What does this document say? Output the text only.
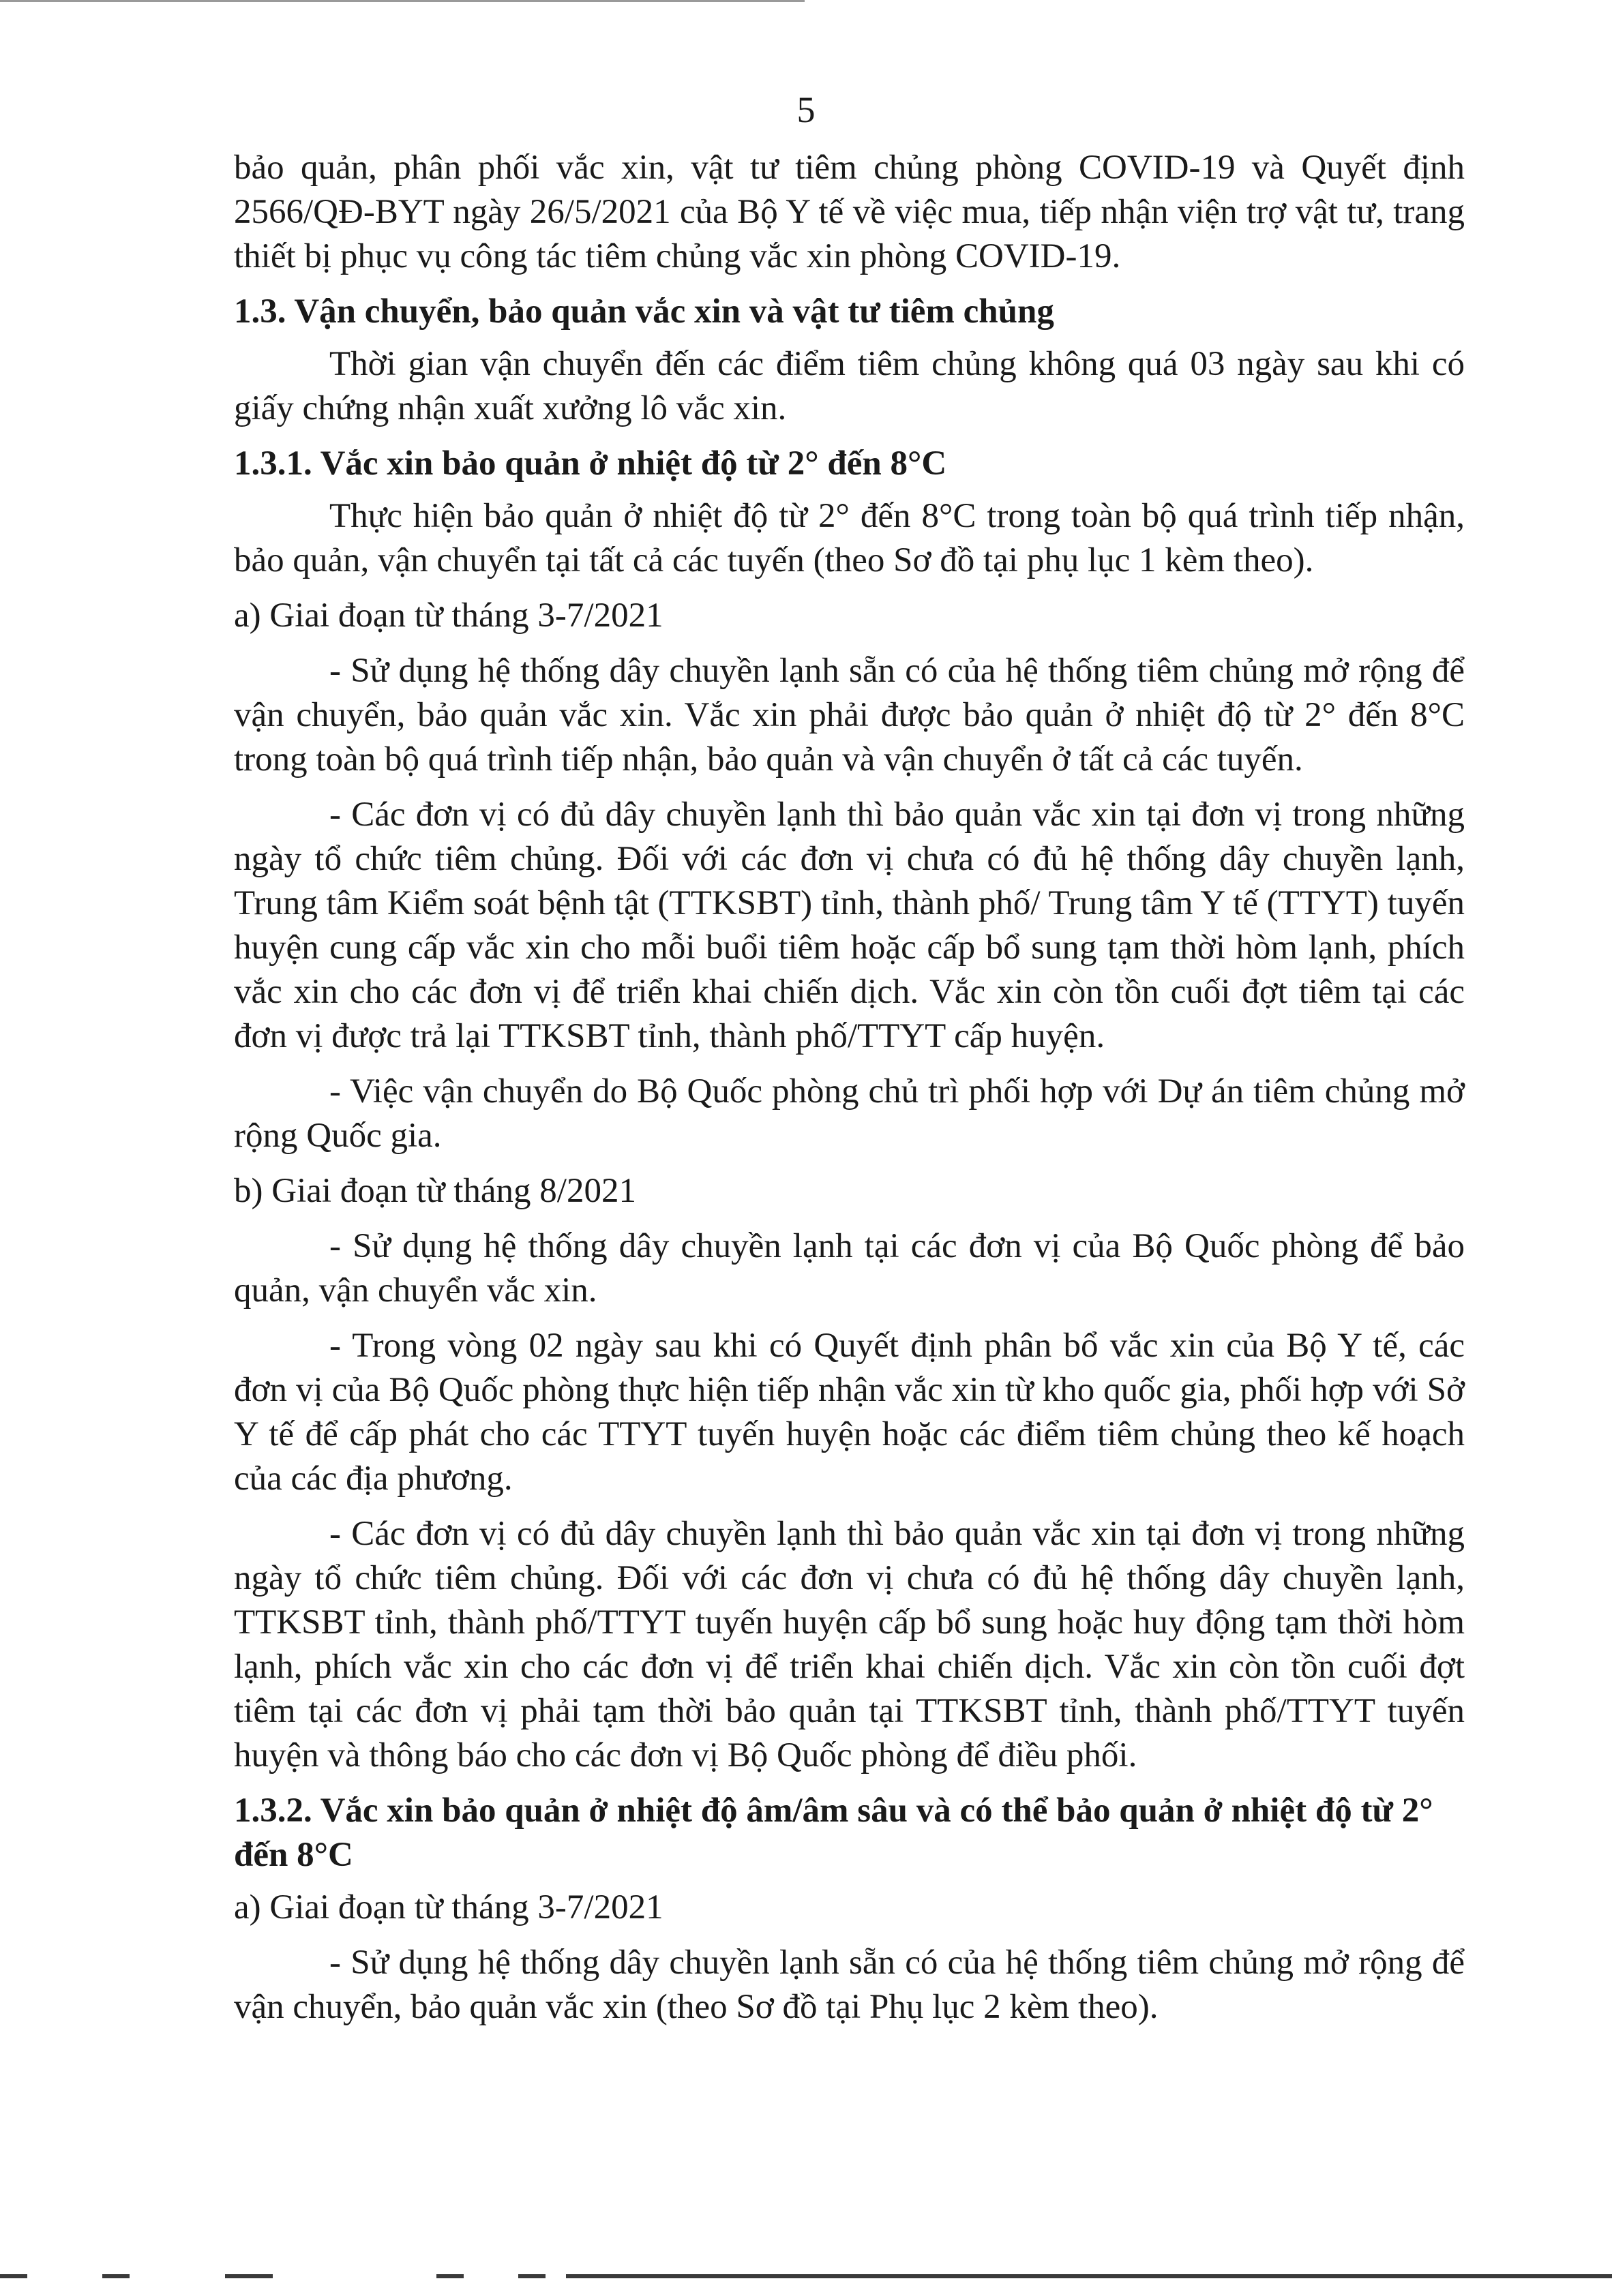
5

bảo quản, phân phối vắc xin, vật tư tiêm chủng phòng COVID-19 và Quyết định 2566/QĐ-BYT ngày 26/5/2021 của Bộ Y tế về việc mua, tiếp nhận viện trợ vật tư, trang thiết bị phục vụ công tác tiêm chủng vắc xin phòng COVID-19.

1.3. Vận chuyển, bảo quản vắc xin và vật tư tiêm chủng

Thời gian vận chuyển đến các điểm tiêm chủng không quá 03 ngày sau khi có giấy chứng nhận xuất xưởng lô vắc xin.

1.3.1. Vắc xin bảo quản ở nhiệt độ từ 2° đến 8°C

Thực hiện bảo quản ở nhiệt độ từ 2° đến 8°C trong toàn bộ quá trình tiếp nhận, bảo quản, vận chuyển tại tất cả các tuyến (theo Sơ đồ tại phụ lục 1 kèm theo).

a) Giai đoạn từ tháng 3-7/2021

- Sử dụng hệ thống dây chuyền lạnh sẵn có của hệ thống tiêm chủng mở rộng để vận chuyển, bảo quản vắc xin. Vắc xin phải được bảo quản ở nhiệt độ từ 2° đến 8°C trong toàn bộ quá trình tiếp nhận, bảo quản và vận chuyển ở tất cả các tuyến.

- Các đơn vị có đủ dây chuyền lạnh thì bảo quản vắc xin tại đơn vị trong những ngày tổ chức tiêm chủng. Đối với các đơn vị chưa có đủ hệ thống dây chuyền lạnh, Trung tâm Kiểm soát bệnh tật (TTKSBT) tỉnh, thành phố/ Trung tâm Y tế (TTYT) tuyến huyện cung cấp vắc xin cho mỗi buổi tiêm hoặc cấp bổ sung tạm thời hòm lạnh, phích vắc xin cho các đơn vị để triển khai chiến dịch. Vắc xin còn tồn cuối đợt tiêm tại các đơn vị được trả lại TTKSBT tỉnh, thành phố/TTYT cấp huyện.

- Việc vận chuyển do Bộ Quốc phòng chủ trì phối hợp với Dự án tiêm chủng mở rộng Quốc gia.

b) Giai đoạn từ tháng 8/2021

- Sử dụng hệ thống dây chuyền lạnh tại các đơn vị của Bộ Quốc phòng để bảo quản, vận chuyển vắc xin.

- Trong vòng 02 ngày sau khi có Quyết định phân bổ vắc xin của Bộ Y tế, các đơn vị của Bộ Quốc phòng thực hiện tiếp nhận vắc xin từ kho quốc gia, phối hợp với Sở Y tế để cấp phát cho các TTYT tuyến huyện hoặc các điểm tiêm chủng theo kế hoạch của các địa phương.

- Các đơn vị có đủ dây chuyền lạnh thì bảo quản vắc xin tại đơn vị trong những ngày tổ chức tiêm chủng. Đối với các đơn vị chưa có đủ hệ thống dây chuyền lạnh, TTKSBT tỉnh, thành phố/TTYT tuyến huyện cấp bổ sung hoặc huy động tạm thời hòm lạnh, phích vắc xin cho các đơn vị để triển khai chiến dịch. Vắc xin còn tồn cuối đợt tiêm tại các đơn vị phải tạm thời bảo quản tại TTKSBT tỉnh, thành phố/TTYT tuyến huyện và thông báo cho các đơn vị Bộ Quốc phòng để điều phối.

1.3.2. Vắc xin bảo quản ở nhiệt độ âm/âm sâu và có thể bảo quản ở nhiệt độ từ 2° đến 8°C

a) Giai đoạn từ tháng 3-7/2021

- Sử dụng hệ thống dây chuyền lạnh sẵn có của hệ thống tiêm chủng mở rộng để vận chuyển, bảo quản vắc xin (theo Sơ đồ tại Phụ lục 2 kèm theo).
